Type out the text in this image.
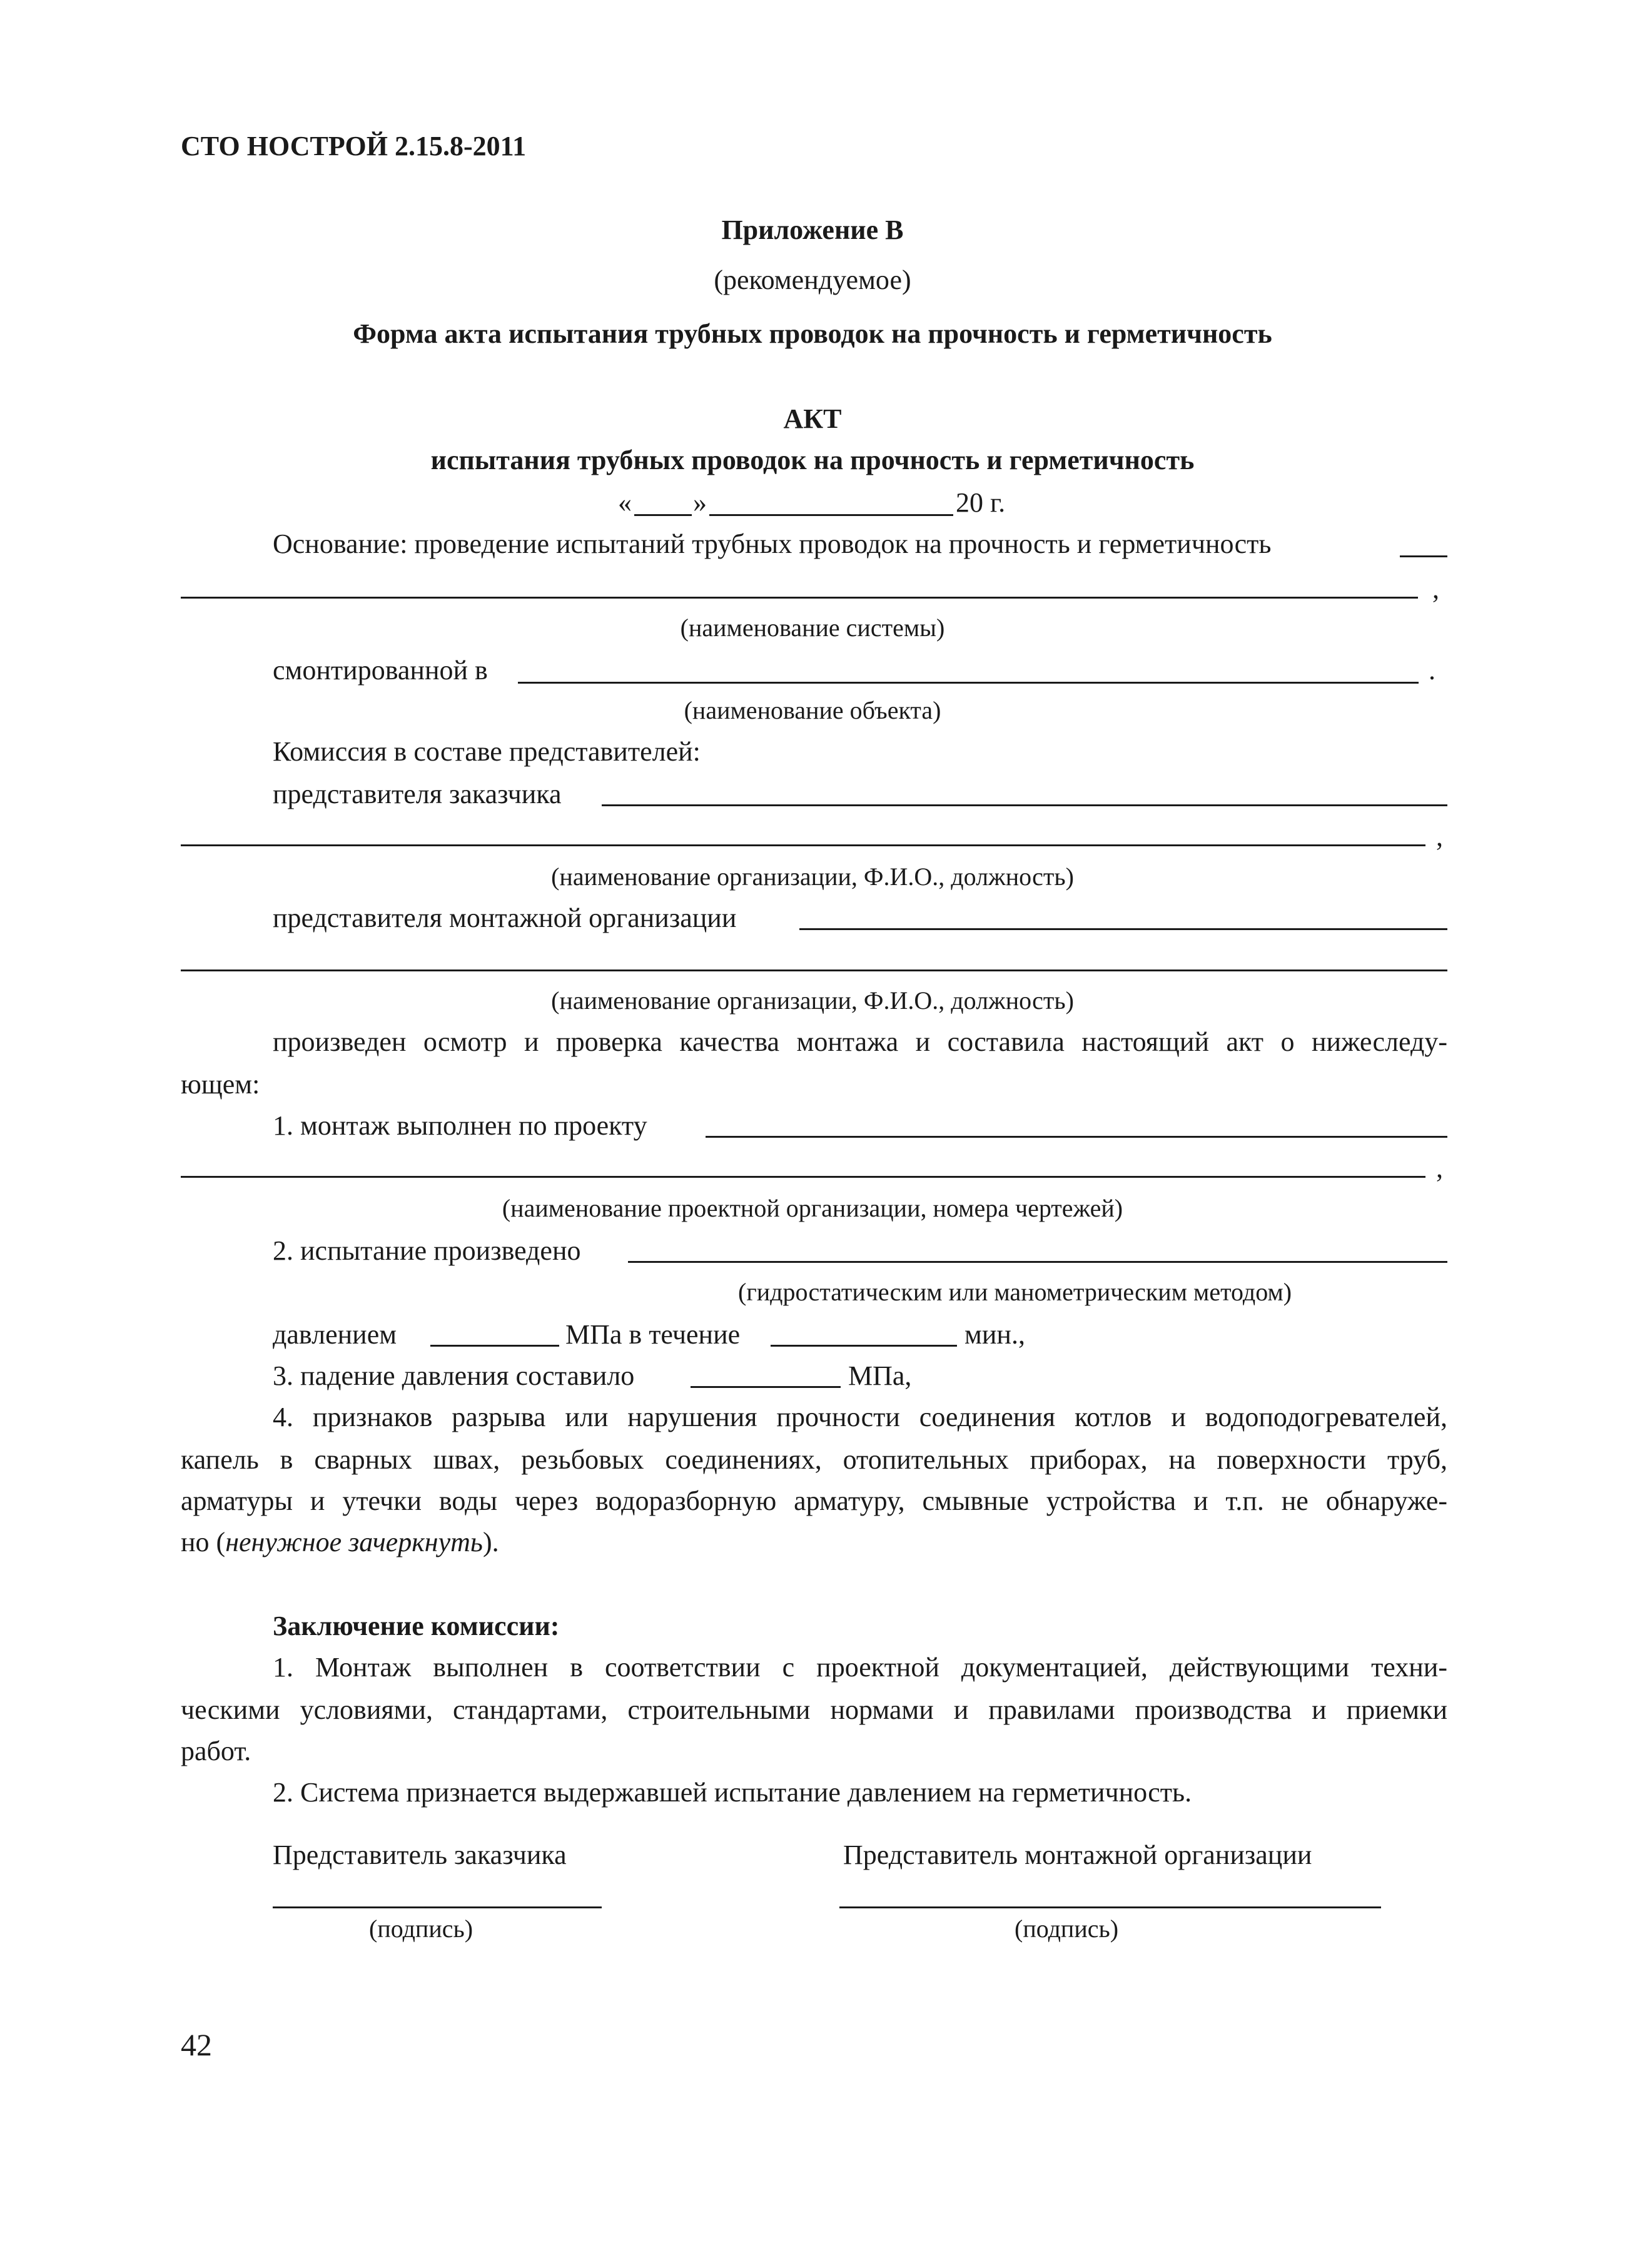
СТО НОСТРОЙ 2.15.8-2011
Приложение В
(рекомендуемое)
Форма акта испытания трубных проводок на прочность и герметичность
АКТ
испытания трубных проводок на прочность и герметичность
« »	20 г.
Основание: проведение испытаний трубных проводок на прочность и герметичность
,
(наименование системы)
смонтированной в	.
(наименование объекта)
Комиссия в составе представителей:
представителя заказчика
,
(наименование организации, Ф.И.О., должность)
представителя монтажной организации
(наименование организации, Ф.И.О., должность)
произведен осмотр и проверка качества монтажа и составила настоящий акт о нижеследу-
ющем:
1. монтаж выполнен по проекту
,
(наименование проектной организации, номера чертежей)
2. испытание произведено
(гидростатическим или манометрическим методом)
давлением	МПа в течение	мин.,
3. падение давления составило	МПа,
4. признаков разрыва или нарушения прочности соединения котлов и водоподогревателей,
капель в сварных швах, резьбовых соединениях, отопительных приборах, на поверхности труб,
арматуры и утечки воды через водоразборную арматуру, смывные устройства и т.п. не обнаруже-
но (ненужное зачеркнуть).
Заключение комиссии:
1. Монтаж выполнен в соответствии с проектной документацией, действующими техни-
ческими условиями, стандартами, строительными нормами и правилами производства и приемки
работ.
2. Система признается выдержавшей испытание давлением на герметичность.
Представитель заказчика	Представитель монтажной организации
(подпись)	(подпись)
42
